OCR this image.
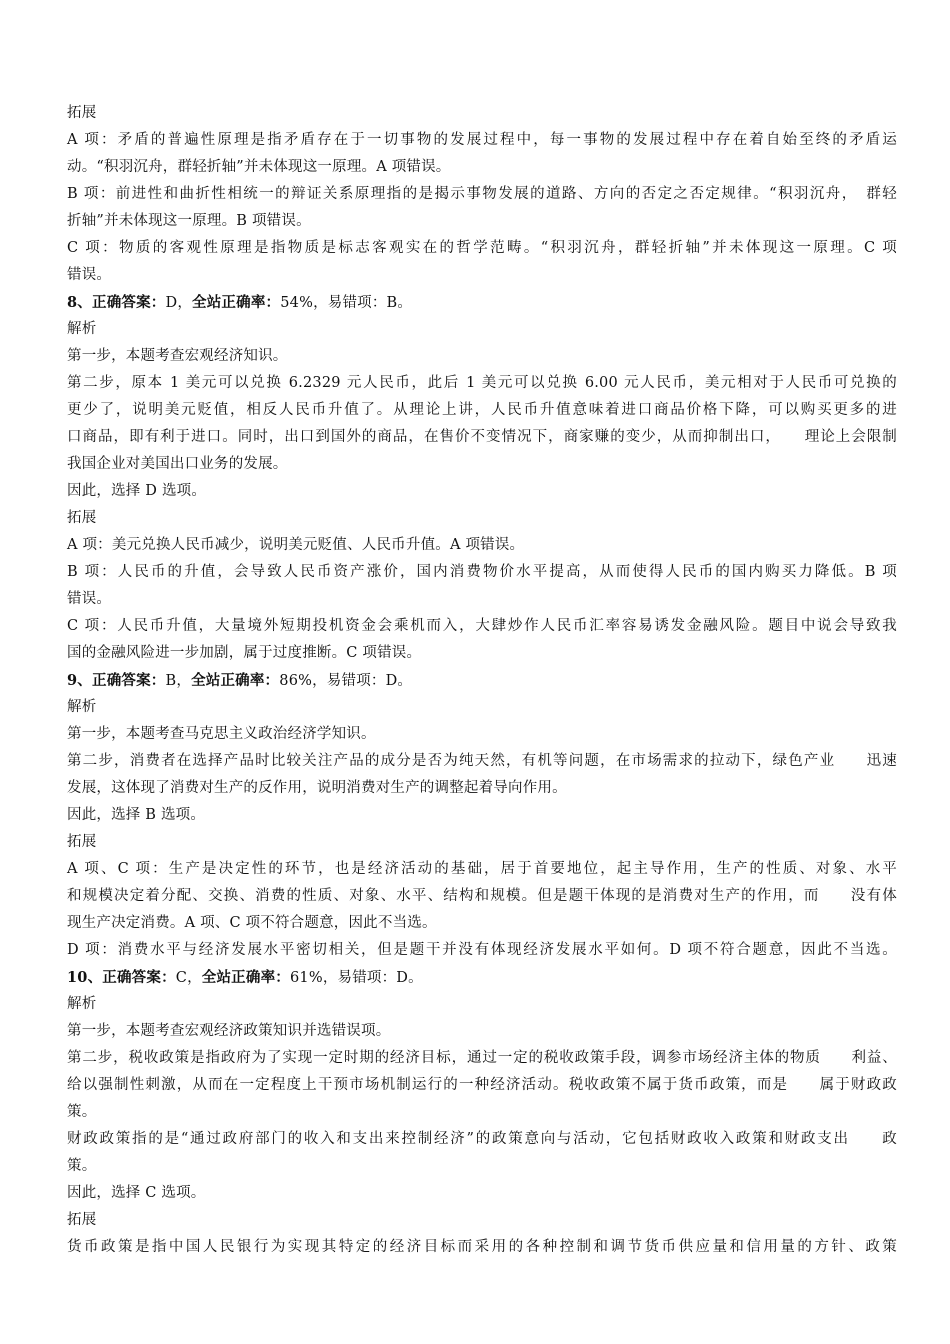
拓展
A 项：矛盾的普遍性原理是指矛盾存在于一切事物的发展过程中，每一事物的发展过程中存在着自始至终的矛盾运
动。“积羽沉舟，群轻折轴”并未体现这一原理。A 项错误。
B 项：前进性和曲折性相统一的辩证关系原理指的是揭示事物发展的道路、方向的否定之否定规律。“积羽沉舟，　群轻
折轴”并未体现这一原理。B 项错误。
C 项：物质的客观性原理是指物质是标志客观实在的哲学范畴。“积羽沉舟，群轻折轴”并未体现这一原理。C 项
错误。
8、正确答案：D，全站正确率：54%，易错项：B。
解析
第一步，本题考查宏观经济知识。
第二步，原本 1 美元可以兑换 6.2329 元人民币，此后 1 美元可以兑换 6.00 元人民币，美元相对于人民币可兑换的
更少了，说明美元贬值，相反人民币升值了。从理论上讲，人民币升值意味着进口商品价格下降，可以购买更多的进
口商品，即有利于进口。同时，出口到国外的商品，在售价不变情况下，商家赚的变少，从而抑制出口，　　理论上会限制
我国企业对美国出口业务的发展。
因此，选择 D 选项。
拓展
A 项：美元兑换人民币减少，说明美元贬值、人民币升值。A 项错误。
B 项：人民币的升值，会导致人民币资产涨价，国内消费物价水平提高，从而使得人民币的国内购买力降低。B 项
错误。
C 项：人民币升值，大量境外短期投机资金会乘机而入，大肆炒作人民币汇率容易诱发金融风险。题目中说会导致我
国的金融风险进一步加剧，属于过度推断。C 项错误。
9、正确答案：B，全站正确率：86%，易错项：D。
解析
第一步，本题考查马克思主义政治经济学知识。
第二步，消费者在选择产品时比较关注产品的成分是否为纯天然，有机等问题，在市场需求的拉动下，绿色产业　　迅速
发展，这体现了消费对生产的反作用，说明消费对生产的调整起着导向作用。
因此，选择 B 选项。
拓展
A 项、C 项：生产是决定性的环节，也是经济活动的基础，居于首要地位，起主导作用，生产的性质、对象、水平
和规模决定着分配、交换、消费的性质、对象、水平、结构和规模。但是题干体现的是消费对生产的作用，而　　没有体
现生产决定消费。A 项、C 项不符合题意，因此不当选。
D 项：消费水平与经济发展水平密切相关，但是题干并没有体现经济发展水平如何。D 项不符合题意，因此不当选。
10、正确答案：C，全站正确率：61%，易错项：D。
解析
第一步，本题考查宏观经济政策知识并选错误项。
第二步，税收政策是指政府为了实现一定时期的经济目标，通过一定的税收政策手段，调参市场经济主体的物质　　利益、
给以强制性刺激，从而在一定程度上干预市场机制运行的一种经济活动。税收政策不属于货币政策，而是　　属于财政政
策。
财政政策指的是“通过政府部门的收入和支出来控制经济”的政策意向与活动，它包括财政收入政策和财政支出　　政
策。
因此，选择 C 选项。
拓展
货币政策是指中国人民银行为实现其特定的经济目标而采用的各种控制和调节货币供应量和信用量的方针、政策
